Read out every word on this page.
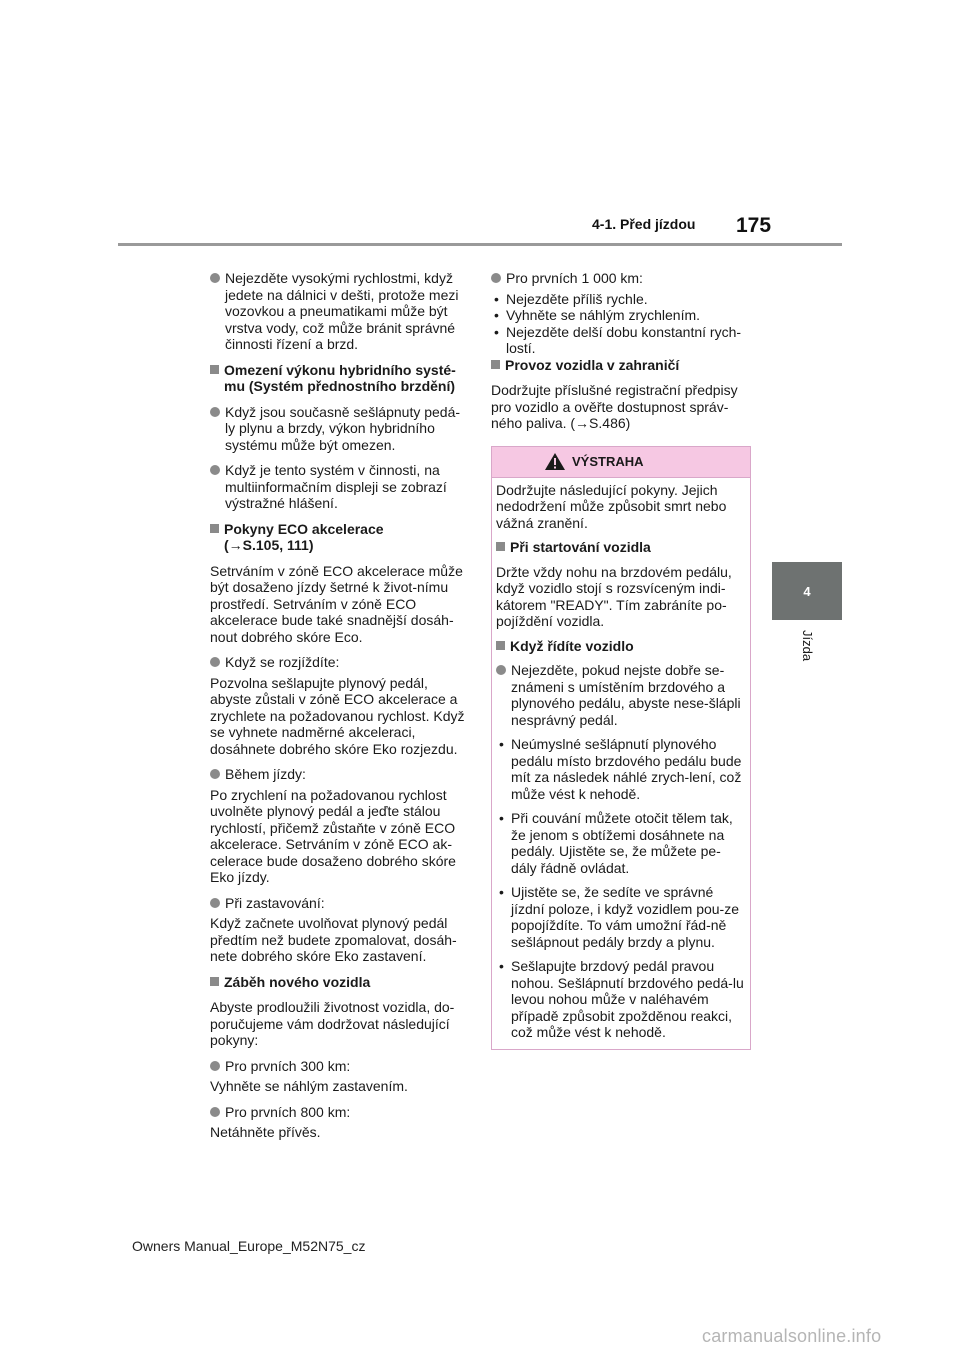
4-1. Před jízdou 175
4
Jízda
Nejezděte vysokými rychlostmi, když jedete na dálnici v dešti, protože mezi vozovkou a pneumatikami může být vrstva vody, což může bránit správné činnosti řízení a brzd.
Omezení výkonu hybridního systé-mu (Systém přednostního brzdění)
Když jsou současně sešlápnuty pedá-ly plynu a brzdy, výkon hybridního systému může být omezen.
Když je tento systém v činnosti, na multiinformačním displeji se zobrazí výstražné hlášení.
Pokyny ECO akcelerace
(→S.105, 111)
Setrváním v zóně ECO akcelerace může být dosaženo jízdy šetrné k život-nímu prostředí. Setrváním v zóně ECO akcelerace bude také snadnější dosáh-nout dobrého skóre Eco.
Když se rozjíždíte:
Pozvolna sešlapujte plynový pedál, abyste zůstali v zóně ECO akcelerace a zrychlete na požadovanou rychlost. Když se vyhnete nadměrné akceleraci, dosáhnete dobrého skóre Eko rozjezdu.
Během jízdy:
Po zrychlení na požadovanou rychlost uvolněte plynový pedál a jeďte stálou rychlostí, přičemž zůstaňte v zóně ECO akcelerace. Setrváním v zóně ECO ak-celerace bude dosaženo dobrého skóre Eko jízdy.
Při zastavování:
Když začnete uvolňovat plynový pedál předtím než budete zpomalovat, dosáh-nete dobrého skóre Eko zastavení.
Záběh nového vozidla
Abyste prodloužili životnost vozidla, do-poručujeme vám dodržovat následující pokyny:
Pro prvních 300 km:
Vyhněte se náhlým zastavením.
Pro prvních 800 km:
Netáhněte přívěs.
Pro prvních 1 000 km:
• Nejezděte příliš rychle.
• Vyhněte se náhlým zrychlením.
• Nejezděte delší dobu konstantní rych-lostí.
Provoz vozidla v zahraničí
Dodržujte příslušné registrační předpisy pro vozidlo a ověřte dostupnost správ-ného paliva. (→S.486)
VÝSTRAHA
Dodržujte následující pokyny. Jejich nedodržení může způsobit smrt nebo vážná zranění.
Při startování vozidla
Držte vždy nohu na brzdovém pedálu, když vozidlo stojí s rozsvíceným indi-kátorem "READY". Tím zabráníte po-pojíždění vozidla.
Když řídíte vozidlo
Nejezděte, pokud nejste dobře se-známeni s umístěním brzdového a plynového pedálu, abyste nese-šlápli nesprávný pedál.
• Neúmyslné sešlápnutí plynového pedálu místo brzdového pedálu bude mít za následek náhlé zrych-lení, což může vést k nehodě.
• Při couvání můžete otočit tělem tak, že jenom s obtížemi dosáhnete na pedály. Ujistěte se, že můžete pe-dály řádně ovládat.
• Ujistěte se, že sedíte ve správné jízdní poloze, i když vozidlem pou-ze popojíždíte. To vám umožní řád-ně sešlápnout pedály brzdy a plynu.
• Sešlapujte brzdový pedál pravou nohou. Sešlápnutí brzdového pedá-lu levou nohou může v naléhavém případě způsobit zpožděnou reakci, což může vést k nehodě.
Owners Manual_Europe_M52N75_cz
carmanualsonline.info
